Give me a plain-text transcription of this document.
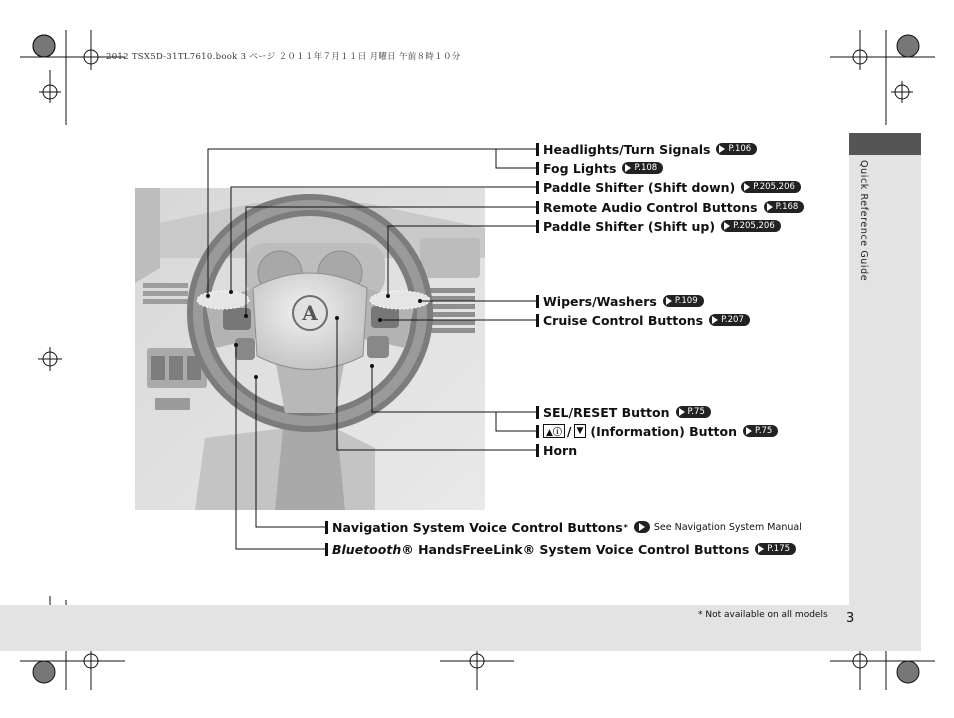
2012 TSX5D-31TL7610.book 3 ページ ２０１１年７月１１日 月曜日 午前８時１０分
Quick Reference Guide
* Not available on all models 3
A
Headlights/Turn Signals P.106
Fog Lights P.108
Paddle Shifter (Shift down) P.205,206
Remote Audio Control Buttons P.168
Paddle Shifter (Shift up) P.205,206
Wipers/Washers P.109
Cruise Control Buttons P.207
SEL/RESET Button P.75
▲ⓘ / ▼ (Information) Button P.75
Horn
Navigation System Voice Control Buttons *	See Navigation System Manual
Bluetooth ® HandsFreeLink® System Voice Control Buttons P.175
